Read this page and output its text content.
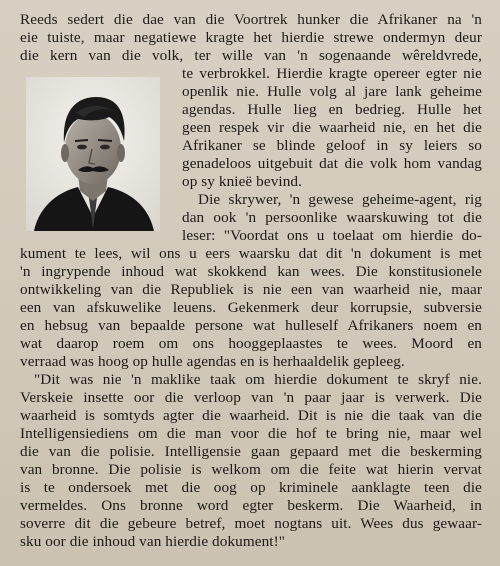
Reeds sedert die dae van die Voortrek hunker die Afrikaner na 'n
eie tuiste, maar negatiewe kragte het hierdie strewe ondermyn deur
die kern van die volk, ter wille van 'n sogenaande wêreldvrede,
te verbrokkel. Hierdie kragte opereer egter nie
openlik nie. Hulle volg al jare lank geheime
agendas. Hulle lieg en bedrieg. Hulle het
geen respek vir die waarheid nie, en het die
Afrikaner se blinde geloof in sy leiers so
genadeloos uitgebuit dat die volk hom vandag
op sy knieë bevind.
Die skrywer, 'n gewese geheime-agent, rig
dan ook 'n persoonlike waarskuwing tot die
leser: "Voordat ons u toelaat om hierdie do-
kument te lees, wil ons u eers waarsku dat dit 'n dokument is met
'n ingrypende inhoud wat skokkend kan wees. Die konstitusionele
ontwikkeling van die Republiek is nie een van waarheid nie, maar
een van afskuwelike leuens. Gekenmerk deur korrupsie, subversie
en hebsug van bepaalde persone wat hulleself Afrikaners noem en
wat daarop roem om ons hooggeplaastes te wees. Moord en
verraad was hoog op hulle agendas en is herhaaldelik gepleeg.
"Dit was nie 'n maklike taak om hierdie dokument te skryf nie.
Verskeie insette oor die verloop van 'n paar jaar is verwerk. Die
waarheid is somtyds agter die waarheid. Dit is nie die taak van die
Intelligensiediens om die man voor die hof te bring nie, maar wel
die van die polisie. Intelligensie gaan gepaard met die beskerming
van bronne. Die polisie is welkom om die feite wat hierin vervat
is te ondersoek met die oog op kriminele aanklagte teen die
vermeldes. Ons bronne word egter beskerm. Die Waarheid, in
soverre dit die gebeure betref, moet nogtans uit. Wees dus gewaar-
sku oor die inhoud van hierdie dokument!"
